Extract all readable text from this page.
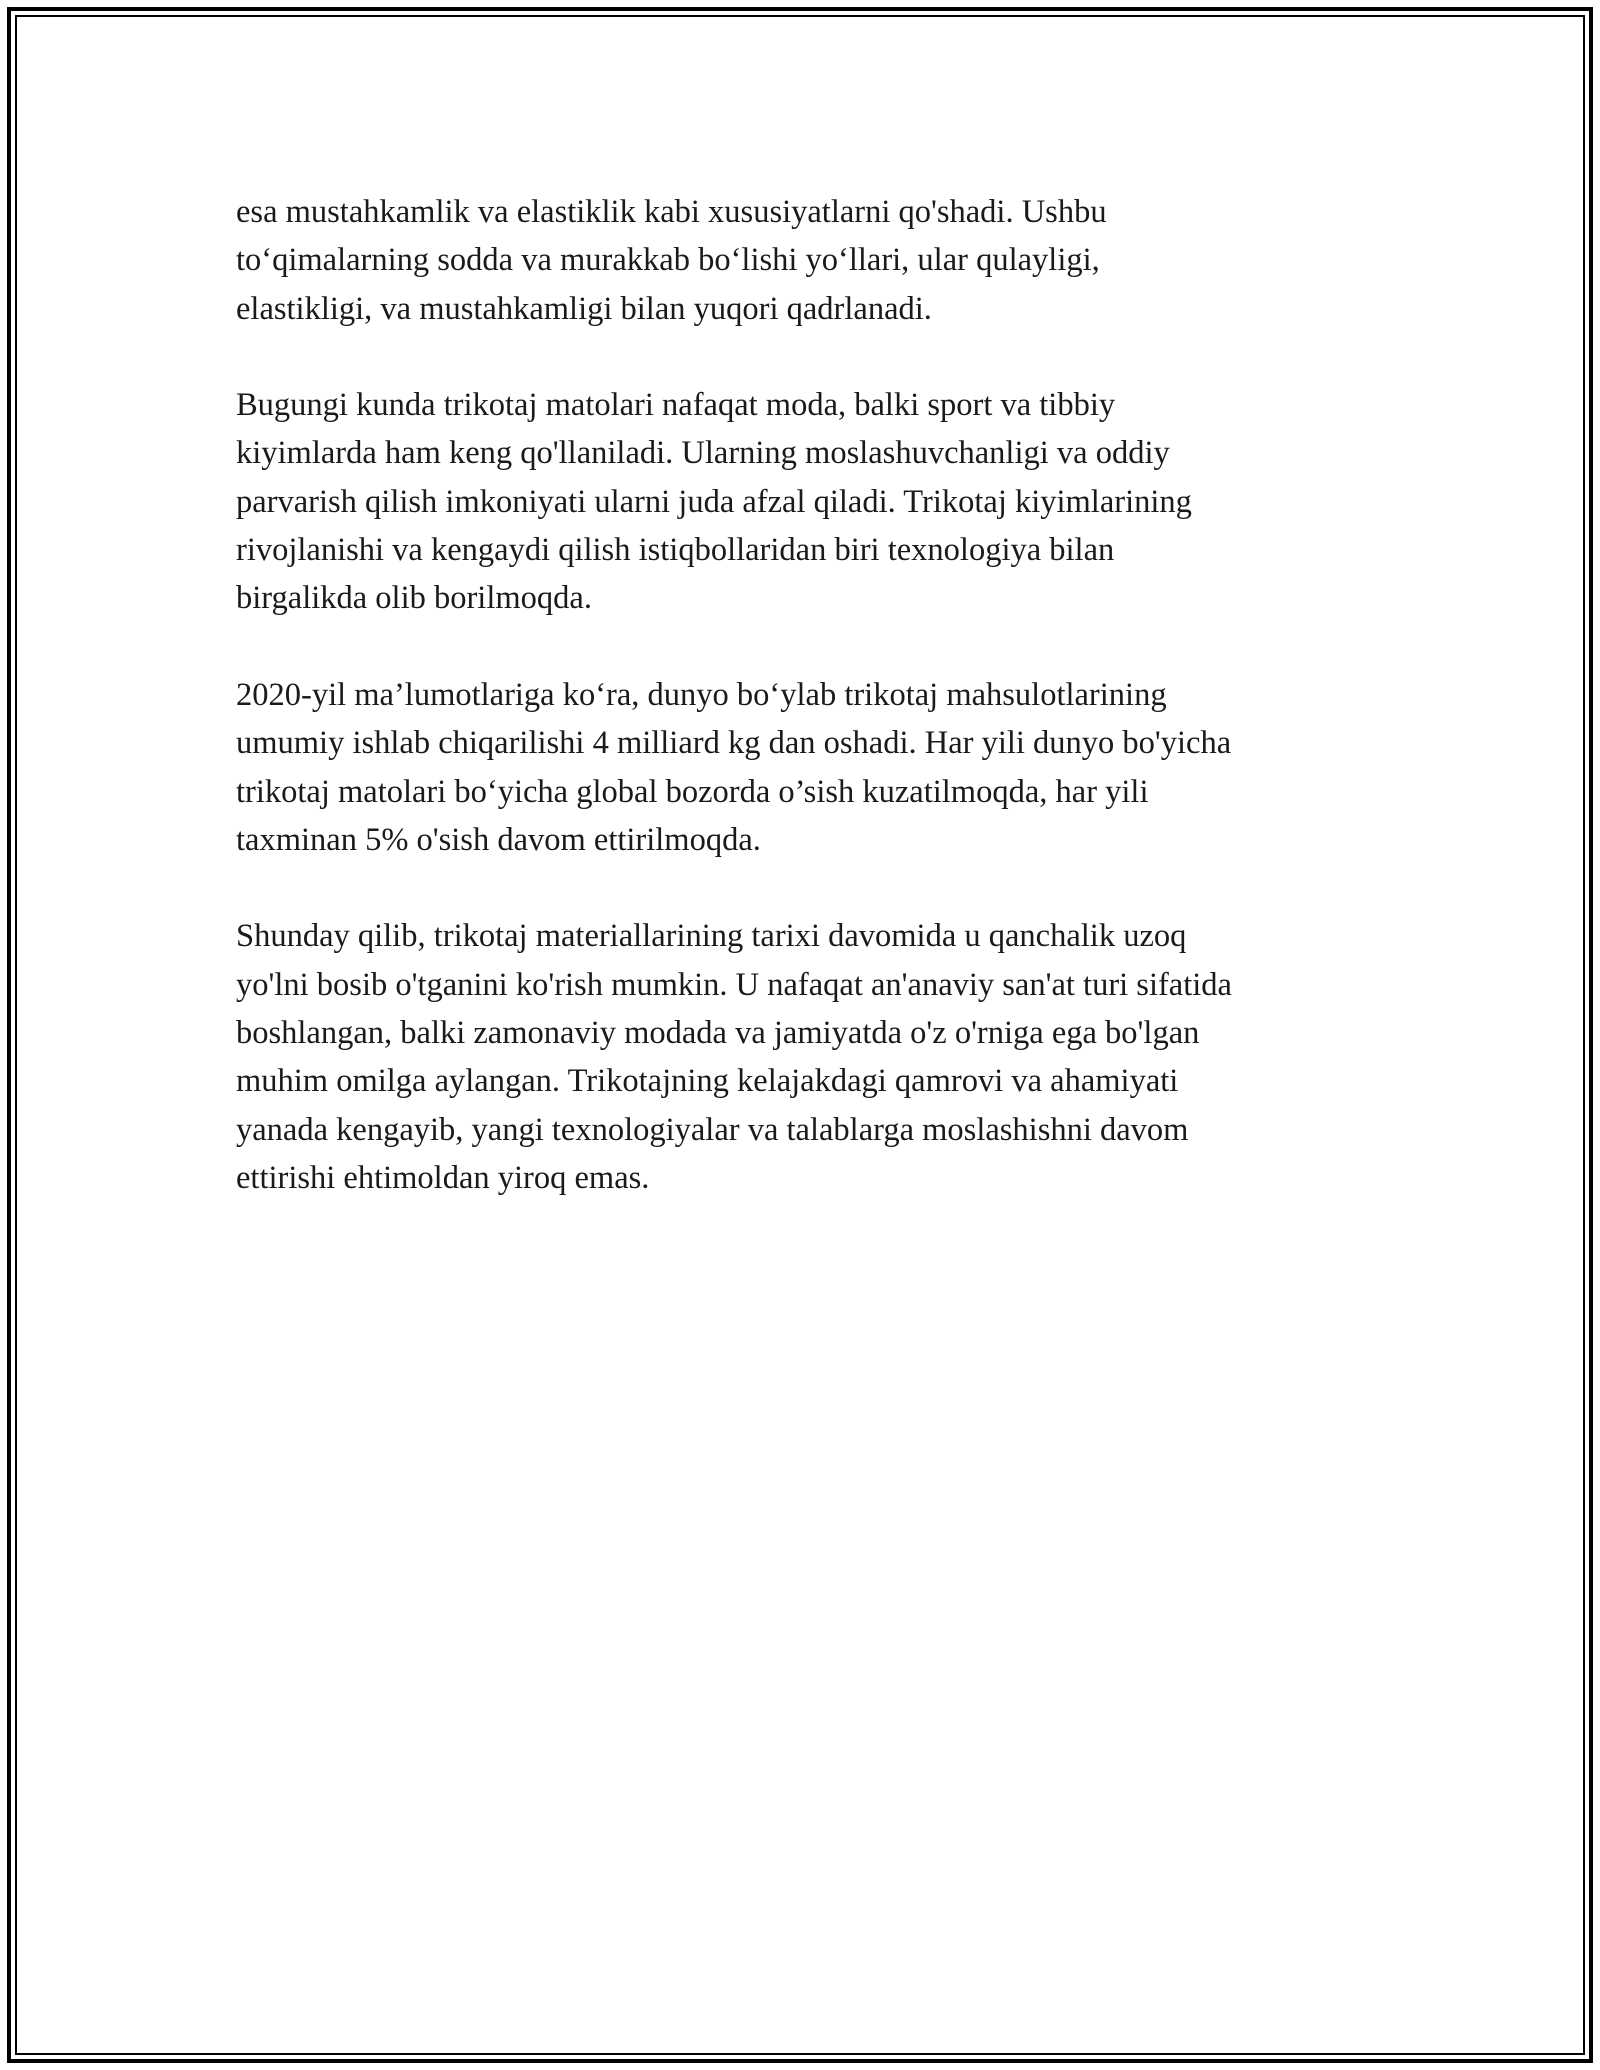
esa mustahkamlik va elastiklik kabi xususiyatlarni qo'shadi. Ushbu
to‘qimalarning sodda va murakkab bo‘lishi yo‘llari, ular qulayligi,
elastikligi, va mustahkamligi bilan yuqori qadrlanadi.

Bugungi kunda trikotaj matolari nafaqat moda, balki sport va tibbiy
kiyimlarda ham keng qo'llaniladi. Ularning moslashuvchanligi va oddiy
parvarish qilish imkoniyati ularni juda afzal qiladi. Trikotaj kiyimlarining
rivojlanishi va kengaydi qilish istiqbollaridan biri texnologiya bilan
birgalikda olib borilmoqda.

2020-yil ma’lumotlariga ko‘ra, dunyo bo‘ylab trikotaj mahsulotlarining
umumiy ishlab chiqarilishi 4 milliard kg dan oshadi. Har yili dunyo bo'yicha
trikotaj matolari bo‘yicha global bozorda o’sish kuzatilmoqda, har yili
taxminan 5% o'sish davom ettirilmoqda.

Shunday qilib, trikotaj materiallarining tarixi davomida u qanchalik uzoq
yo'lni bosib o'tganini ko'rish mumkin. U nafaqat an'anaviy san'at turi sifatida
boshlangan, balki zamonaviy modada va jamiyatda o'z o'rniga ega bo'lgan
muhim omilga aylangan. Trikotajning kelajakdagi qamrovi va ahamiyati
yanada kengayib, yangi texnologiyalar va talablarga moslashishni davom
ettirishi ehtimoldan yiroq emas.
